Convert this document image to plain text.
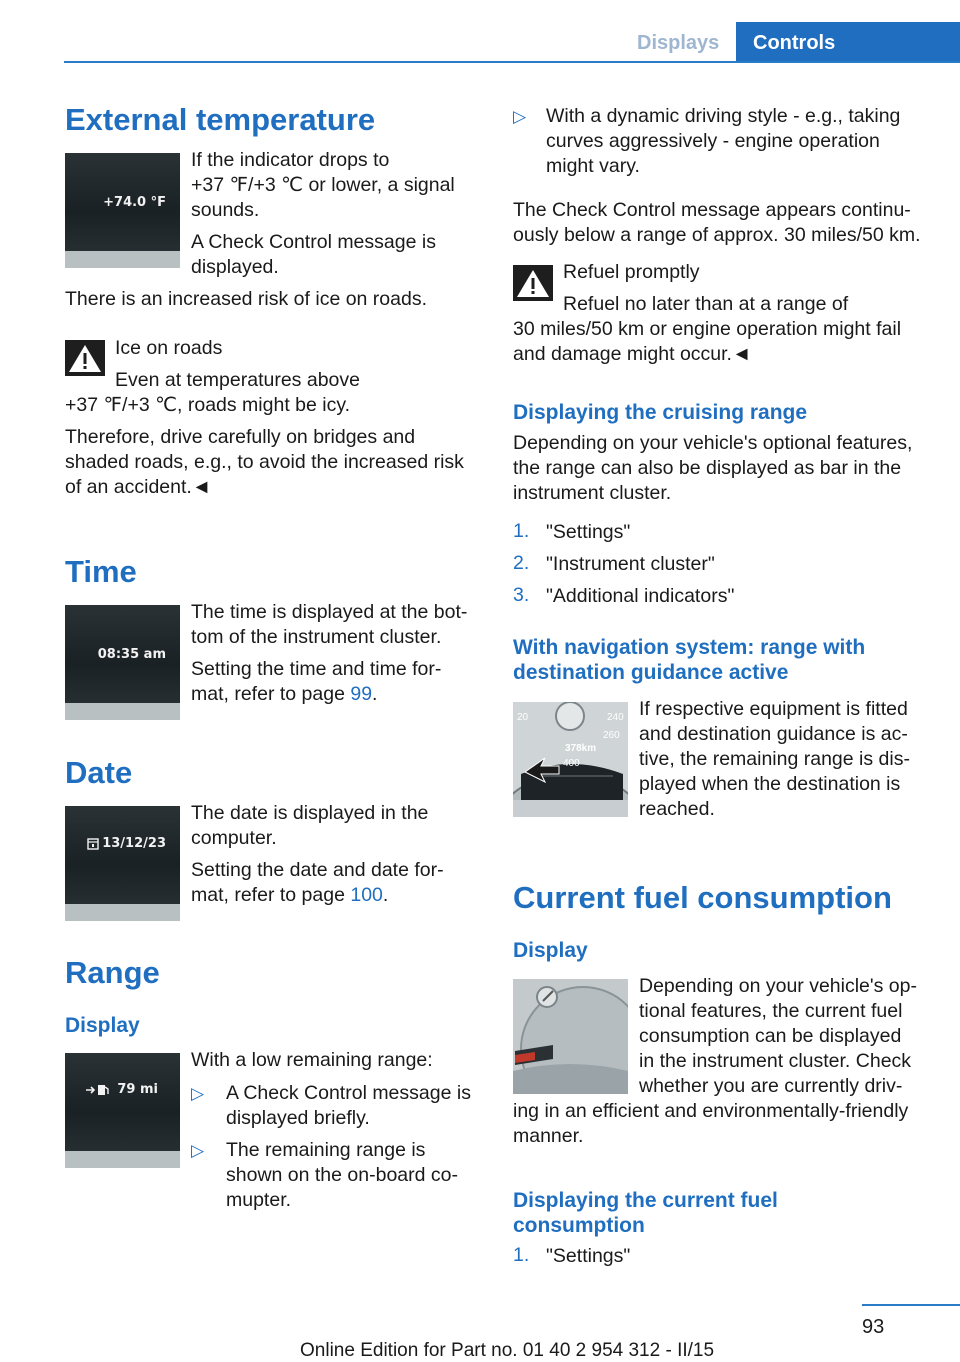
Displays	Controls
External temperature
+74.0 °F
If the indicator drops to
+37 ℉/+3 ℃ or lower, a signal
sounds.
A Check Control message is
displayed.
There is an increased risk of ice on roads.
Ice on roads
Even at temperatures above
+37 ℉/+3 ℃, roads might be icy.
Therefore, drive carefully on bridges and
shaded roads, e.g., to avoid the increased risk
of an accident.◄
Time
08:35 am
The time is displayed at the bot‐
tom of the instrument cluster.
Setting the time and time for‐
mat, refer to page 99.
Date
13/12/23
The date is displayed in the
computer.
Setting the date and date for‐
mat, refer to page 100.
Range
Display
79 mi
With a low remaining range:
▷ A Check Control message is
displayed briefly.
▷ The remaining range is
shown on the on-board co‐
mupter.
▷ With a dynamic driving style - e.g., taking
curves aggressively - engine operation
might vary.
The Check Control message appears continu‐
ously below a range of approx. 30 miles/50 km.
Refuel promptly
Refuel no later than at a range of
30 miles/50 km or engine operation might fail
and damage might occur.◄
Displaying the cruising range
Depending on your vehicle's optional features,
the range can also be displayed as bar in the
instrument cluster.
1. "Settings"
2. "Instrument cluster"
3. "Additional indicators"
With navigation system: range with
destination guidance active
20	240
260
378km
400
If respective equipment is fitted
and destination guidance is ac‐
tive, the remaining range is dis‐
played when the destination is
reached.
Current fuel consumption
Display
Depending on your vehicle's op‐
tional features, the current fuel
consumption can be displayed
in the instrument cluster. Check
whether you are currently driv‐
ing in an efficient and environmentally-friendly
manner.
Displaying the current fuel
consumption
1. "Settings"
93
Online Edition for Part no. 01 40 2 954 312 - II/15
